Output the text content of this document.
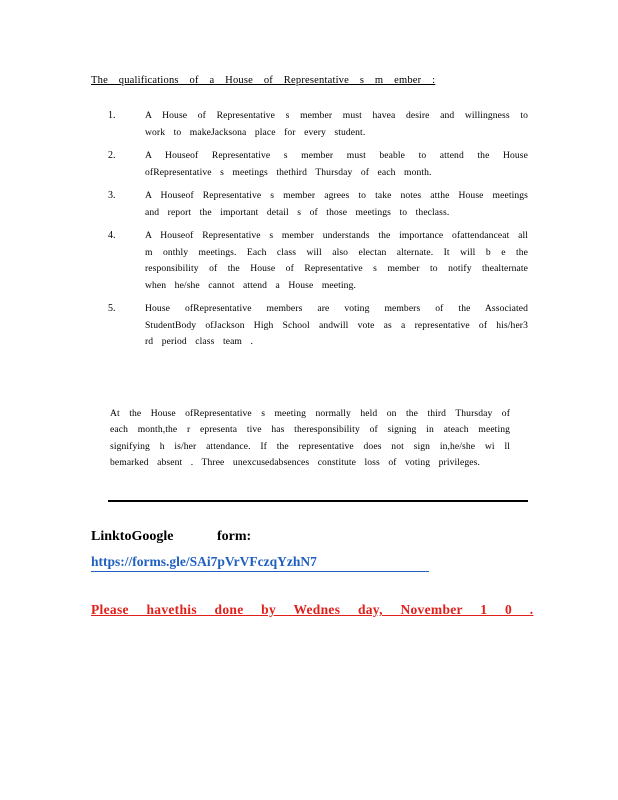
The qualifications of a House of Representative s m ember :
1.	A House of Representative s member must havea desire and willingness to work to makeJacksona place for every student.
2.	A Houseof Representative s member must beable to attend the House ofRepresentative s meetings thethird Thursday of each month.
3.	A Houseof Representative s member agrees to take notes atthe House meetings and report the important detail s of those meetings to theclass.
4.	A Houseof Representative s member understands the importance ofattendanceat all m onthly meetings. Each class will also electan alternate. It will b e the responsibility of the House of Representative s member to notify thealternate when he/she cannot attend a House meeting.
5.	House ofRepresentative members are voting members of the Associated StudentBody ofJackson High School andwill vote as a representative of his/her3 rd period class team .
At the House ofRepresentative s meeting normally held on the third Thursday of each month,the r epresenta tive has theresponsibility of signing in ateach meeting signifying h is/her attendance. If the representative does not sign in,he/she wi ll bemarked absent . Three unexcusedabsences constitute loss of voting privileges.
LinktoGoogle form:
https://forms.gle/SAi7pVrVFczqYzhN7
Please havethis done by Wednes day, November 1 0 .
